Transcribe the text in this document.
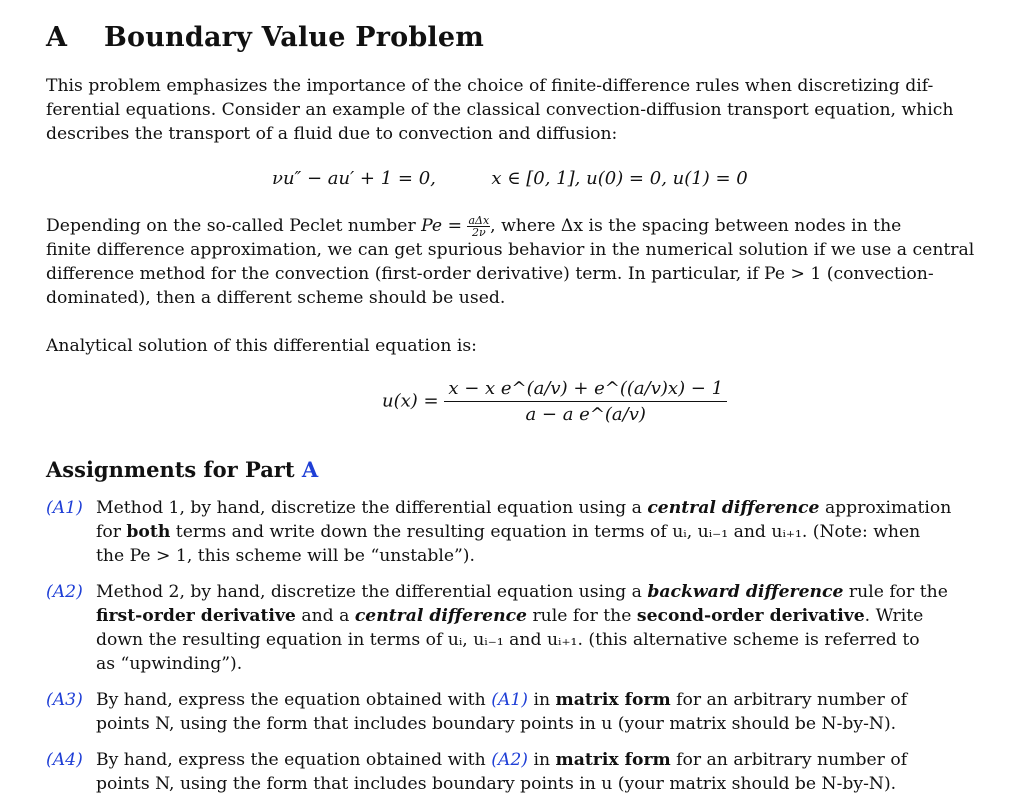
A Boundary Value Problem
This problem emphasizes the importance of the choice of finite-difference rules when discretizing dif-
ferential equations. Consider an example of the classical convection-diffusion transport equation, which
describes the transport of a fluid due to convection and diffusion:
νu″ − au′ + 1 = 0,	x ∈ [0, 1], u(0) = 0, u(1) = 0
Depending on the so-called Peclet number $Pe = \frac{\text{aΔx}}{2\nu}$ , where Δx is the spacing between nodes in the
finite difference approximation, we can get spurious behavior in the numerical solution if we use a central
difference method for the convection (first-order derivative) term. In particular, if Pe > 1 (convection-
dominated), then a different scheme should be used.
Analytical solution of this differential equation is:
$u(x) = \frac{\text{x − x e\textasciicircum{}(a/v) + e\textasciicircum{}((a/v)x) − 1}}{\text{a − a e\textasciicircum{}(a/v)}}$
Assignments for Part A
(A1) Method 1, by hand, discretize the differential equation using a central difference approximation
for both terms and write down the resulting equation in terms of uᵢ, uᵢ₋₁ and uᵢ₊₁. (Note: when
the Pe > 1, this scheme will be “unstable”).
(A2) Method 2, by hand, discretize the differential equation using a backward difference rule for the
first-order derivative and a central difference rule for the second-order derivative. Write
down the resulting equation in terms of uᵢ, uᵢ₋₁ and uᵢ₊₁. (this alternative scheme is referred to
as “upwinding”).
(A3) By hand, express the equation obtained with (A1) in matrix form for an arbitrary number of
points N, using the form that includes boundary points in u (your matrix should be N-by-N).
(A4) By hand, express the equation obtained with (A2) in matrix form for an arbitrary number of
points N, using the form that includes boundary points in u (your matrix should be N-by-N).
